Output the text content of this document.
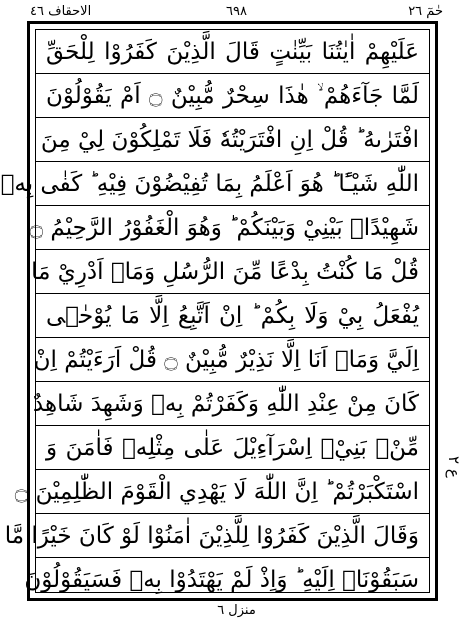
حٰمٓ ٢٦
٦٩٨
الاحقاف ٤٦
عَلَيْهِمْ اٰيٰتُنَا بَيِّنٰتٍ قَالَ الَّذِيْنَ كَفَرُوْا لِلْحَقِّ
لَمَّا جَآءَهُمْ ۙ هٰذَا سِحْرٌ مُّبِيْنٌ ۝ اَمْ يَقُوْلُوْنَ
افْتَرٰىهُ ؕ قُلْ اِنِ افْتَرَيْتُهٗ فَلَا تَمْلِكُوْنَ لِيْ مِنَ
اللّٰهِ شَيْـًٔا ؕ هُوَ اَعْلَمُ بِمَا تُفِيْضُوْنَ فِيْهِ ؕ كَفٰى بِهٖ
شَهِيْدًاۢ بَيْنِيْ وَبَيْنَكُمْ ؕ وَهُوَ الْغَفُوْرُ الرَّحِيْمُ ۝
قُلْ مَا كُنْتُ بِدْعًا مِّنَ الرُّسُلِ وَمَاۤ اَدْرِيْ مَا
يُفْعَلُ بِيْ وَلَا بِكُمْ ؕ اِنْ اَتَّبِعُ اِلَّا مَا يُوْحٰۤى
اِلَيَّ وَمَاۤ اَنَا اِلَّا نَذِيْرٌ مُّبِيْنٌ ۝ قُلْ اَرَءَيْتُمْ اِنْ
كَانَ مِنْ عِنْدِ اللّٰهِ وَكَفَرْتُمْ بِهٖ وَشَهِدَ شَاهِدٌ
مِّنْۢ بَنِيْۤ اِسْرَآءِيْلَ عَلٰى مِثْلِهٖ فَاٰمَنَ وَ
اسْتَكْبَرْتُمْ ؕ اِنَّ اللّٰهَ لَا يَهْدِي الْقَوْمَ الظّٰلِمِيْنَ ۝
وَقَالَ الَّذِيْنَ كَفَرُوْا لِلَّذِيْنَ اٰمَنُوْا لَوْ كَانَ خَيْرًا مَّا
سَبَقُوْنَاۤ اِلَيْهِ ؕ وَاِذْ لَمْ يَهْتَدُوْا بِهٖ فَسَيَقُوْلُوْنَ
ع ٢
منزل ٦
